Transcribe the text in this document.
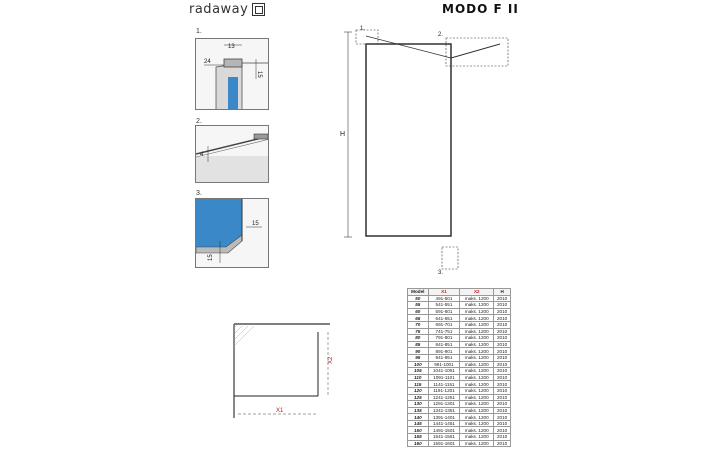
radaway	MODO F II
1.
13
24
15
2.
4
3.
15
15
H
1.
2.
3.
X2
X1
Model	X1	X2	H
50	491-501	maks. 1200	2010
55	541-551	maks. 1200	2010
60	591-601	maks. 1200	2010
65	641-651	maks. 1200	2010
70	691-701	maks. 1200	2010
75	741-751	maks. 1200	2010
80	791-801	maks. 1200	2010
85	841-851	maks. 1200	2010
90	891-901	maks. 1200	2010
95	941-951	maks. 1200	2010
100	991-1001	maks. 1200	2010
105	1041-1051	maks. 1200	2010
110	1091-1101	maks. 1200	2010
115	1141-1151	maks. 1200	2010
120	1191-1201	maks. 1200	2010
125	1241-1251	maks. 1200	2010
130	1291-1301	maks. 1200	2010
135	1341-1351	maks. 1200	2010
140	1391-1401	maks. 1200	2010
145	1441-1451	maks. 1200	2010
150	1491-1501	maks. 1200	2010
155	1541-1551	maks. 1200	2010
160	1591-1601	maks. 1200	2010
